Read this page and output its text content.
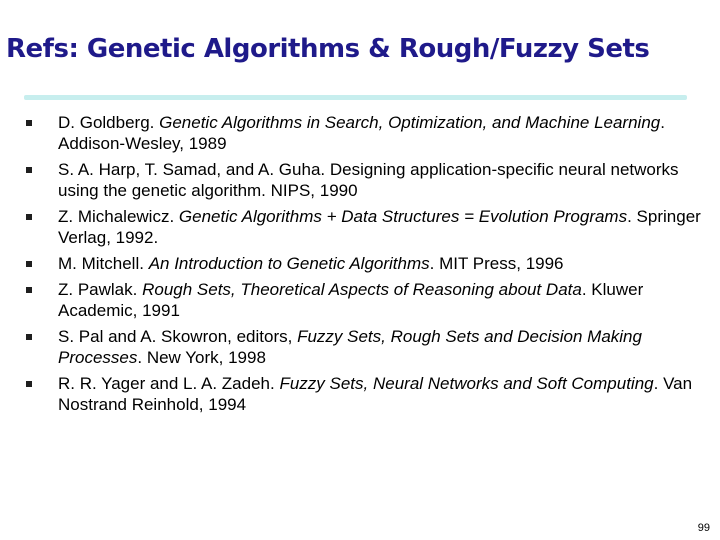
Refs: Genetic Algorithms & Rough/Fuzzy Sets
D. Goldberg. Genetic Algorithms in Search, Optimization, and Machine Learning. Addison-Wesley, 1989
S. A. Harp, T. Samad, and A. Guha. Designing application-specific neural networks using the genetic algorithm. NIPS, 1990
Z. Michalewicz. Genetic Algorithms + Data Structures = Evolution Programs. Springer Verlag, 1992.
M. Mitchell. An Introduction to Genetic Algorithms. MIT Press, 1996
Z. Pawlak. Rough Sets, Theoretical Aspects of Reasoning about Data. Kluwer Academic, 1991
S. Pal and A. Skowron, editors, Fuzzy Sets, Rough Sets and Decision Making Processes. New York, 1998
R. R. Yager and L. A. Zadeh. Fuzzy Sets, Neural Networks and Soft Computing. Van Nostrand Reinhold, 1994
99
